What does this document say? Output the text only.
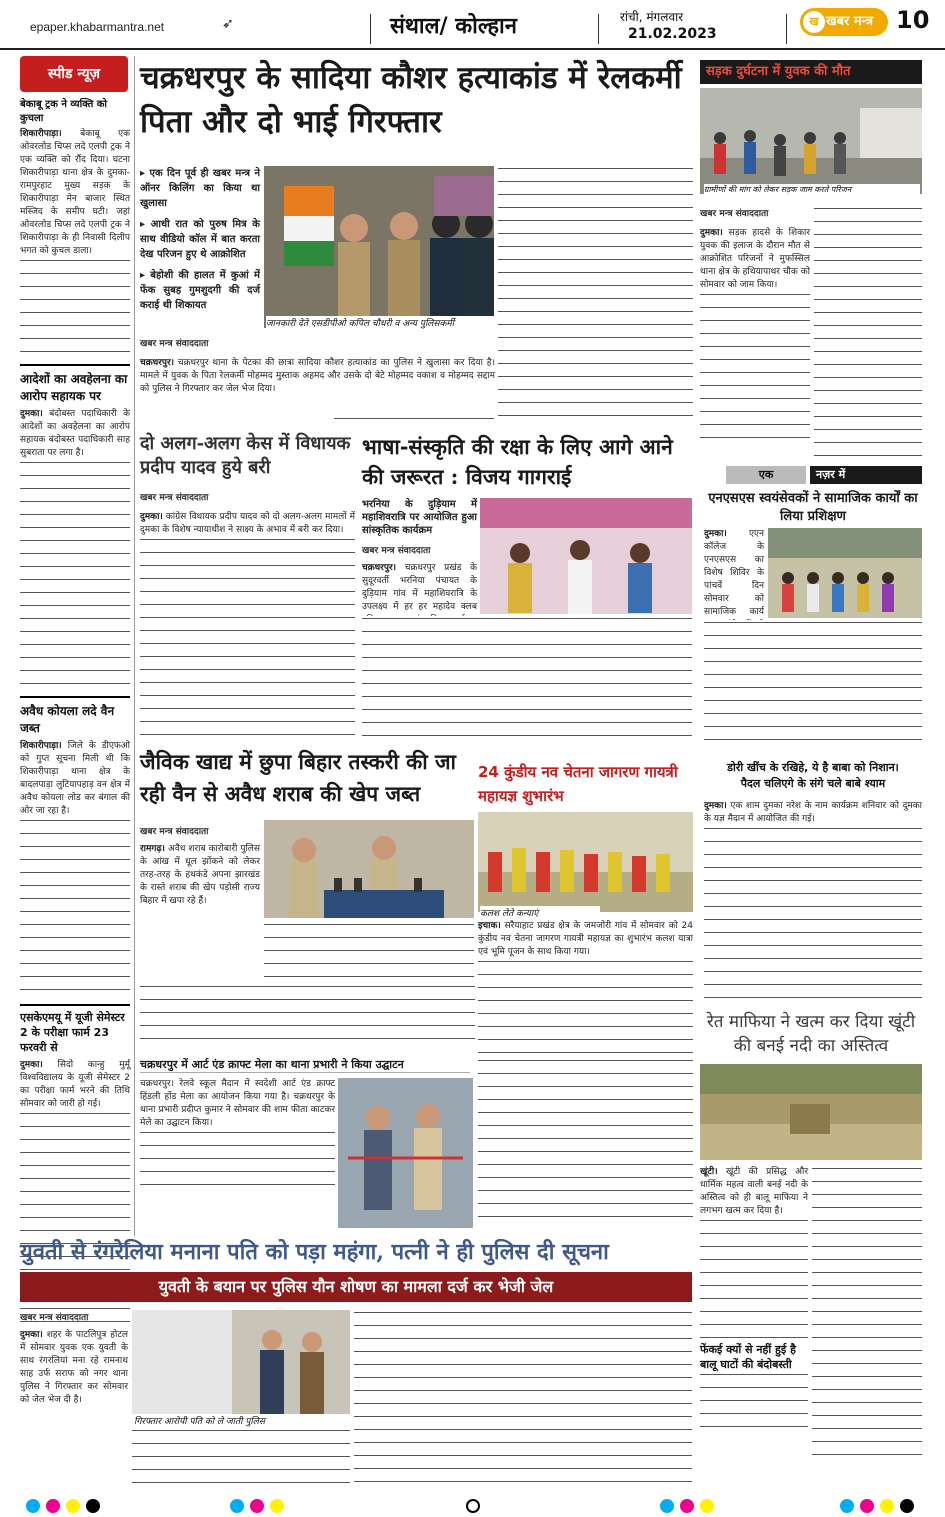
epaper.khabarmantra.net	➶	संथाल/ कोल्हान	रांची, मंगलवार
21.02.2023
ख खबर मन्त्र 10
स्पीड न्यूज़
बेकाबू ट्रक ने व्यक्ति को कुचला
शिकारीपाड़ा। बेकाबू एक ओवरलोड चिप्स लदे एलपी ट्रक ने एक व्यक्ति को रौंद दिया। घटना शिकारीपाड़ा थाना क्षेत्र के दुमका-रामपुरहाट मुख्य सड़क के शिकारीपाड़ा मेन बाजार स्थित मस्जिद के समीप घटी। जहां ओवरलोड चिप्स लदे एलपी ट्रक ने शिकारीपाड़ा के ही निवासी दिलीप भगत को कुचल डाला।
आदेशों का अवहेलना का आरोप सहायक पर
दुमका। बंदोबस्त पदाधिकारी के आदेशों का अवहेलना का आरोप सहायक बंदोबस्त पदाधिकारी साह सुबराता पर लगा है।
अवैध कोयला लदे वैन जब्त
शिकारीपाड़ा। जिले के डीएफओ को गुप्त सूचना मिली थी कि शिकारीपाड़ा थाना क्षेत्र के बादलपाड़ा लुटियापहाड़ वन क्षेत्र में अवैध कोयला लोड कर बंगाल की ओर जा रहा है।
एसकेएमयू में यूजी सेमेस्टर 2 के परीक्षा फार्म 23 फरवरी से
दुमका। सिदो कान्हु मुर्मू विश्वविद्यालय के यूजी सेमेस्टर 2 का परीक्षा फार्म भरने की तिथि सोमवार को जारी हो गई।
चक्रधरपुर के सादिया कौशर हत्याकांड में रेलकर्मी पिता और दो भाई गिरफ्तार
▸ एक दिन पूर्व ही खबर मन्त्र ने ऑनर किलिंग का किया था खुलासा
▸ आधी रात को पुरुष मित्र के साथ वीडियो कॉल में बात करता देख परिजन हुए थे आक्रोशित
▸ बेहोशी की हालत में कुआं में फेंक सुबह गुमशुदगी की दर्ज कराई थी शिकायत
जानकारी देते एसडीपीओ कपिल चौधरी व अन्य पुलिसकर्मी
खबर मन्त्र संवाददाता
चक्रधरपुर। चक्रधरपुर थाना के पेटका की छात्रा सादिया कौशर हत्याकांड का पुलिस ने खुलासा कर दिया है। मामले में युवक के पिता रेलकर्मी मोहम्मद मुस्ताक अहमद और उसके दो बेटे मोहम्मद वकाश व मोहम्मद सद्दाम को पुलिस ने गिरफ्तार कर जेल भेज दिया।
दो अलग-अलग केस में विधायक प्रदीप यादव हुये बरी
खबर मन्त्र संवाददाता
दुमका। कांग्रेस विधायक प्रदीप यादव को दो अलग-अलग मामलों में दुमका के विशेष न्यायाधीश ने साक्ष्य के अभाव में बरी कर दिया।
भाषा-संस्कृति की रक्षा के लिए आगे आने की जरूरत : विजय गागराई
भरनिया के दुड़ियाम में महाशिवरात्रि पर आयोजित हुआ सांस्कृतिक कार्यक्रम
खबर मन्त्र संवाददाता
चक्रधरपुर। चक्रधरपुर प्रखंड के सुदूरवर्ती भरनिया पंचायत के दुड़ियाम गांव में महाशिवरात्रि के उपलक्ष्य में हर हर महादेव क्लब
जैविक खाद्य में छुपा बिहार तस्करी की जा रही वैन से अवैध शराब की खेप जब्त
खबर मन्त्र संवाददाता
रामगढ़। अवैध शराब कारोबारी पुलिस के आंख में धूल झोंकने को लेकर तरह-तरह के हथकंडे अपना झारखंड के रास्ते शराब की खेप पड़ोसी राज्य बिहार में खपा रहे हैं।
24 कुंडीय नव चेतना जागरण गायत्री महायज्ञ शुभारंभ
कलश लेते कन्याएं
इचाक। सरैयाहाट प्रखंड क्षेत्र के जमजोरी गांव में सोमवार को 24 कुंडीय नव चेतना जागरण गायत्री महायज्ञ का शुभारंभ कलश यात्रा एवं भूमि पूजन के साथ किया गया।
चक्रधरपुर में आर्ट एंड क्राफ्ट मेला का थाना प्रभारी ने किया उद्घाटन
चक्रधरपुर। रेलवे स्कूल मैदान में स्वदेशी आर्ट एंड क्राफ्ट हिंडली होंड मेला का आयोजन किया गया है। चक्रधरपुर के थाना प्रभारी प्रदीप्त कुमार ने सोमवार की शाम फीता काटकर मेले का उद्घाटन किया।
सड़क दुर्घटना में युवक की मौत
ग्रामीणों की मांग को लेकर सड़क जाम करते परिजन
खबर मन्त्र संवाददाता
दुमका। सड़क हादसे के शिकार युवक की इलाज के दौरान मौत से आक्रोशित परिजनों ने मुफस्सिल थाना क्षेत्र के हथियापाथर चौक को सोमवार को जाम किया।
एक	नज़र में
एनएसएस स्वयंसेवकों ने सामाजिक कार्यों का लिया प्रशिक्षण
दुमका। एएन कॉलेज के एनएसएस का विशेष शिविर के पांचवें दिन सोमवार को सामाजिक कार्य
डोरी खींच के रखिहे, ये है बाबा को निशान।
पैदल चलिएगे के संगे चले बाबे श्याम
दुमका। एक शाम दुमका नरेश के नाम कार्यक्रम शनिवार को दुमका के यज्ञ मैदान में आयोजित की गई।
रेत माफिया ने खत्म कर दिया खूंटी की बनई नदी का अस्तित्व
खूंटी। खूंटी की प्रसिद्ध और धार्मिक महत्व वाली बनई नदी के अस्तित्व को ही बालू माफिया ने लगभग खत्म कर दिया है।
फेंकई क्यों से नहीं हुई है बालू घाटों की बंदोबस्ती
युवती से रंगरेलिया मनाना पति को पड़ा महंगा, पत्नी ने ही पुलिस दी सूचना
युवती के बयान पर पुलिस यौन शोषण का मामला दर्ज कर भेजी जेल
खबर मन्त्र संवाददाता
दुमका। शहर के पाटलिपुत्र होटल में सोमवार युवक एक युवती के साथ रंगरलियां मना रहे रामनाथ साह उर्फ सराफ को नगर थाना पुलिस ने गिरफ्तार कर सोमवार को जेल भेज दी है।
गिरफ्तार आरोपी पति को ले जाती पुलिस
